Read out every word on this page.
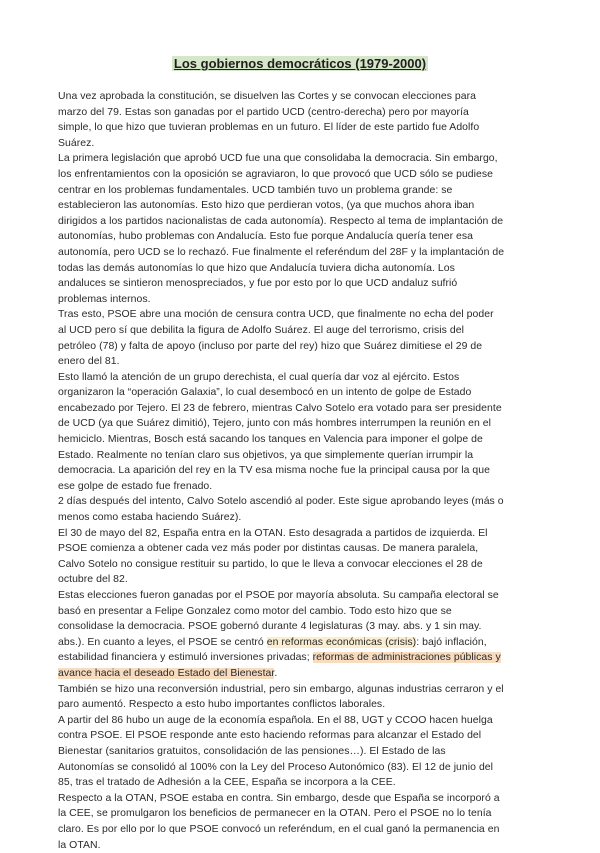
Los gobiernos democráticos (1979-2000)

Una vez aprobada la constitución, se disuelven las Cortes y se convocan elecciones para

marzo del 79. Estas son ganadas por el partido UCD (centro-derecha) pero por mayoría

simple, lo que hizo que tuvieran problemas en un futuro. El líder de este partido fue Adolfo

Suárez.

La primera legislación que aprobó UCD fue una que consolidaba la democracia. Sin embargo,

los enfrentamientos con la oposición se agraviaron, lo que provocó que UCD sólo se pudiese

centrar en los problemas fundamentales. UCD también tuvo un problema grande: se

establecieron las autonomías. Esto hizo que perdieran votos, (ya que muchos ahora iban

dirigidos a los partidos nacionalistas de cada autonomía). Respecto al tema de implantación de

autonomías, hubo problemas con Andalucía. Esto fue porque Andalucía quería tener esa

autonomía, pero UCD se lo rechazó. Fue finalmente el referéndum del 28F y la implantación de

todas las demás autonomías lo que hizo que Andalucía tuviera dicha autonomía. Los

andaluces se sintieron menospreciados, y fue por esto por lo que UCD andaluz sufrió

problemas internos.

Tras esto, PSOE abre una moción de censura contra UCD, que finalmente no echa del poder

al UCD pero sí que debilita la figura de Adolfo Suárez. El auge del terrorismo, crisis del

petróleo (78) y falta de apoyo (incluso por parte del rey) hizo que Suárez dimitiese el 29 de

enero del 81.

Esto llamó la atención de un grupo derechista, el cual quería dar voz al ejército. Estos

organizaron la “operación Galaxia”, lo cual desembocó en un intento de golpe de Estado

encabezado por Tejero. El 23 de febrero, mientras Calvo Sotelo era votado para ser presidente

de UCD (ya que Suárez dimitió), Tejero, junto con más hombres interrumpen la reunión en el

hemiciclo. Mientras, Bosch está sacando los tanques en Valencia para imponer el golpe de

Estado. Realmente no tenían claro sus objetivos, ya que simplemente querían irrumpir la

democracia. La aparición del rey en la TV esa misma noche fue la principal causa por la que

ese golpe de estado fue frenado.

2 días después del intento, Calvo Sotelo ascendió al poder. Este sigue aprobando leyes (más o

menos como estaba haciendo Suárez).

El 30 de mayo del 82, España entra en la OTAN. Esto desagrada a partidos de izquierda. El

PSOE comienza a obtener cada vez más poder por distintas causas. De manera paralela,

Calvo Sotelo no consigue restituir su partido, lo que le lleva a convocar elecciones el 28 de

octubre del 82.

Estas elecciones fueron ganadas por el PSOE por mayoría absoluta. Su campaña electoral se

basó en presentar a Felipe Gonzalez como motor del cambio. Todo esto hizo que se

consolidase la democracia. PSOE gobernó durante 4 legislaturas (3 may. abs. y 1 sin may.

abs.). En cuanto a leyes, el PSOE se centró en reformas económicas (crisis): bajó inflación,

estabilidad financiera y estimuló inversiones privadas; reformas de administraciones públicas y

avance hacia el deseado Estado del Bienestar.

También se hizo una reconversión industrial, pero sin embargo, algunas industrias cerraron y el

paro aumentó. Respecto a esto hubo importantes conflictos laborales.

A partir del 86 hubo un auge de la economía española. En el 88, UGT y CCOO hacen huelga

contra PSOE. El PSOE responde ante esto haciendo reformas para alcanzar el Estado del

Bienestar (sanitarios gratuitos, consolidación de las pensiones…). El Estado de las

Autonomías se consolidó al 100% con la Ley del Proceso Autonómico (83). El 12 de junio del

85, tras el tratado de Adhesión a la CEE, España se incorpora a la CEE.

Respecto a la OTAN, PSOE estaba en contra. Sin embargo, desde que España se incorporó a

la CEE, se promulgaron los beneficios de permanecer en la OTAN. Pero el PSOE no lo tenía

claro. Es por ello por lo que PSOE convocó un referéndum, en el cual ganó la permanencia en

la OTAN.
